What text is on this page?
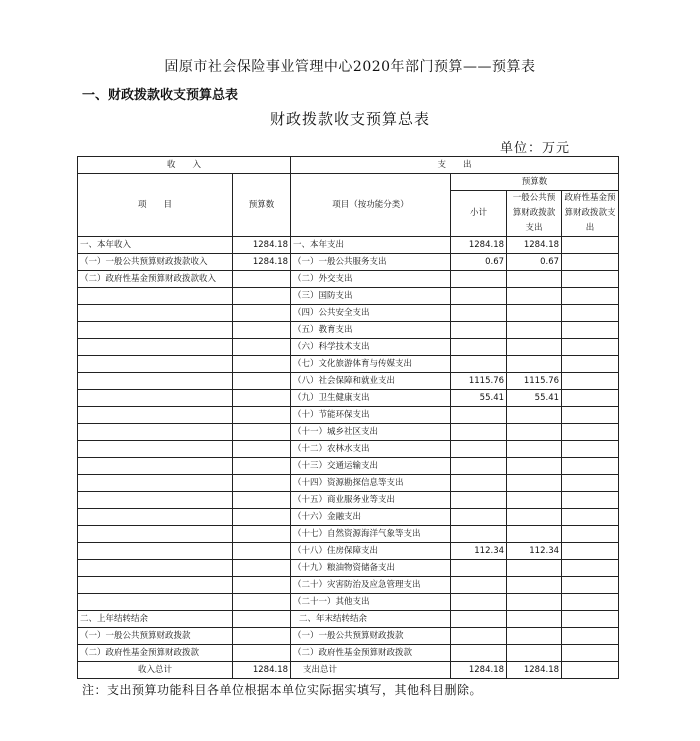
固原市社会保险事业管理中心2020年部门预算——预算表
一、财政拨款收支预算总表
财政拨款收支预算总表
单位：万元
收　　入		支　　出			
项　　目	预算数	项目（按功能分类）	预算数		
			小计	一般公共预算财政拨款支出	政府性基金预算财政拨款支出
一、本年收入	1284.18	一、本年支出	1284.18	1284.18	
（一）一般公共预算财政拨款收入	1284.18	（一）一般公共服务支出	0.67	0.67	
（二）政府性基金预算财政拨款收入		（二）外交支出			
		（三）国防支出			
		（四）公共安全支出			
		（五）教育支出			
		（六）科学技术支出			
		（七）文化旅游体育与传媒支出			
		（八）社会保障和就业支出	1115.76	1115.76	
		（九）卫生健康支出	55.41	55.41	
		（十）节能环保支出			
		（十一）城乡社区支出			
		（十二）农林水支出			
		（十三）交通运输支出			
		（十四）资源勘探信息等支出			
		（十五）商业服务业等支出			
		（十六）金融支出			
		（十七）自然资源海洋气象等支出			
		（十八）住房保障支出	112.34	112.34	
		（十九）粮油物资储备支出			
		（二十）灾害防治及应急管理支出			
		（二十一）其他支出			
二、上年结转结余		二、年末结转结余			
（一）一般公共预算财政拨款		（一）一般公共预算财政拨款			
（二）政府性基金预算财政拨款		（二）政府性基金预算财政拨款			
收入总计	1284.18	支出总计	1284.18	1284.18	
注：支出预算功能科目各单位根据本单位实际据实填写，其他科目删除。
